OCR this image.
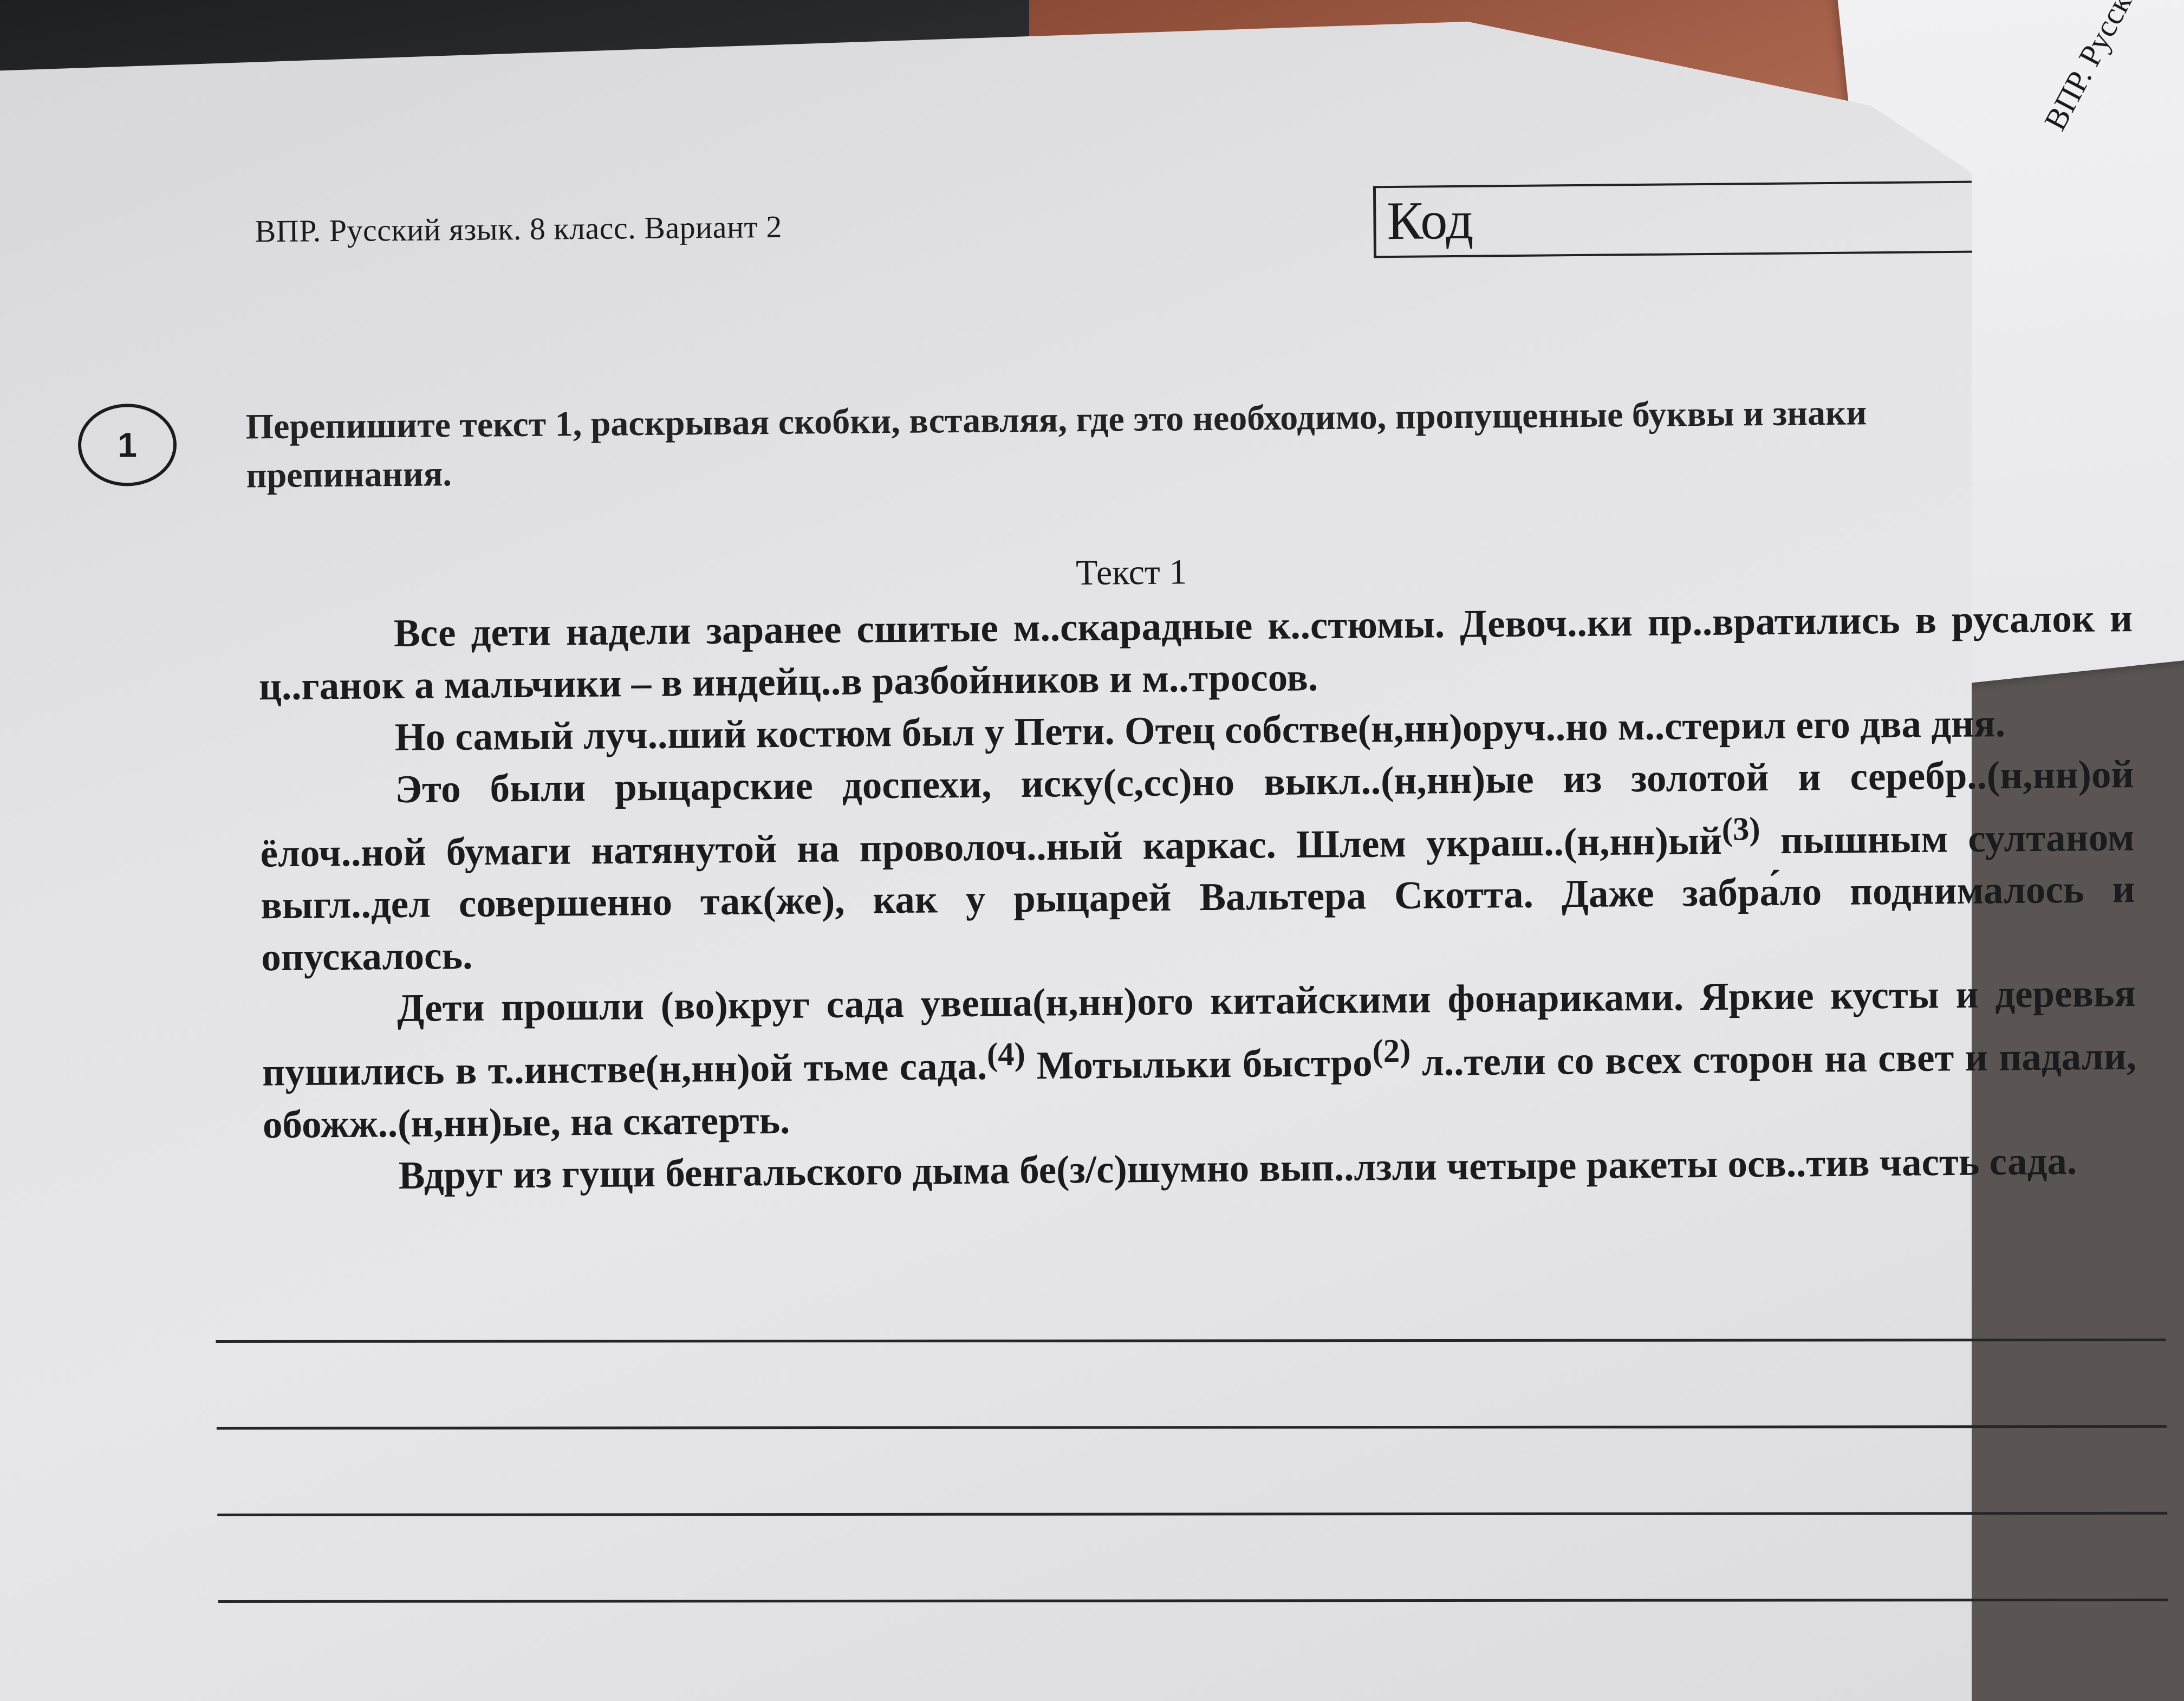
ВПР. Русский язык. 8 класс. Вариант 2	Код
1	Перепишите текст 1, раскрывая скобки, вставляя, где это необходимо, пропущенные буквы и знаки препинания.
Текст 1

Все дети надели заранее сшитые м..скарадные к..стюмы. Девоч..ки пр..вратились в русалок и ц..ганок а мальчики – в индейц..в разбойников и м..тросов.

Но самый луч..ший костюм был у Пети. Отец собстве(н,нн)оруч..но м..стерил его два дня.

Это были рыцарские доспехи, иску(с,сс)но выкл..(н,нн)ые из золотой и серебр..(н,нн)ой ёлоч..ной бумаги натянутой на проволоч..ный каркас. Шлем $украш..(н,нн)ый^{(3)}$ пышным султаном выгл..дел совершенно так(же), как у рыцарей Вальтера Скотта. Даже забра́ло поднималось и опускалось.

Дети прошли (во)круг сада увеша(н,нн)ого китайскими фонариками. Яркие кусты и деревья пушились в т..инстве(н,нн)ой тьме сада.$^{(4)}$ Мотыльки быстро$^{(2)}$ л..тели со всех сторон на свет и падали, обожж..(н,нн)ые, на скатерть.

Вдруг из гущи бенгальского дыма бе(з/с)шумно вып..лзли четыре ракеты осв..тив часть сада.
